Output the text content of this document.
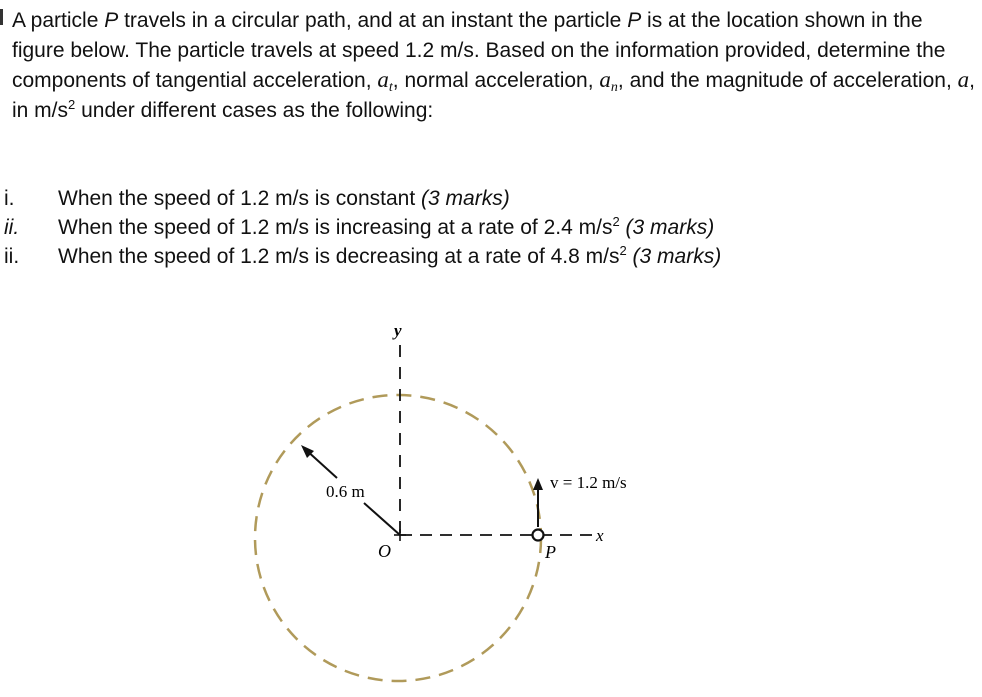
A particle P travels in a circular path, and at an instant the particle P is at the location shown in the figure below. The particle travels at speed 1.2 m/s. Based on the information provided, determine the components of tangential acceleration, $a_t$, normal acceleration, $a_n$, and the magnitude of acceleration, a, in $m/s^2$ under different cases as the following:
i.	When the speed of 1.2 m/s is constant (3 marks)
ii.	When the speed of 1.2 m/s is increasing at a rate of 2.4 $m/s^2$ (3 marks)
ii.	When the speed of 1.2 m/s is decreasing at a rate of 4.8 $m/s^2$ (3 marks)
y
x
O
0.6 m	v = 1.2 m/s
P
